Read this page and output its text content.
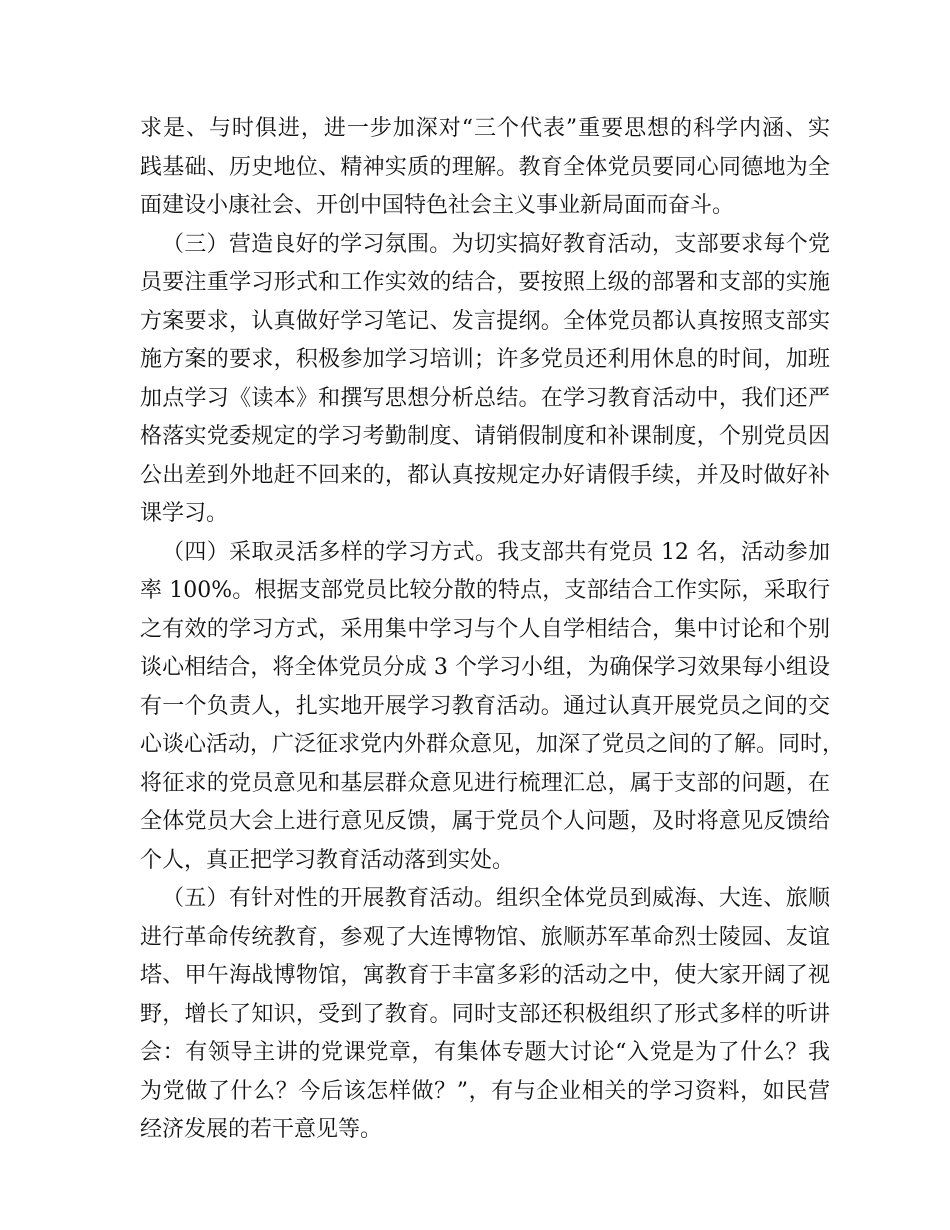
求是、与时俱进，进一步加深对“三个代表”重要思想的科学内涵、实
践基础、历史地位、精神实质的理解。教育全体党员要同心同德地为全
面建设小康社会、开创中国特色社会主义事业新局面而奋斗。
（三）营造良好的学习氛围。为切实搞好教育活动，支部要求每个党
员要注重学习形式和工作实效的结合，要按照上级的部署和支部的实施
方案要求，认真做好学习笔记、发言提纲。全体党员都认真按照支部实
施方案的要求，积极参加学习培训；许多党员还利用休息的时间，加班
加点学习《读本》和撰写思想分析总结。在学习教育活动中，我们还严
格落实党委规定的学习考勤制度、请销假制度和补课制度，个别党员因
公出差到外地赶不回来的，都认真按规定办好请假手续，并及时做好补
课学习。
（四）采取灵活多样的学习方式。我支部共有党员 12 名，活动参加
率 100%。根据支部党员比较分散的特点，支部结合工作实际，采取行
之有效的学习方式，采用集中学习与个人自学相结合，集中讨论和个别
谈心相结合，将全体党员分成 3 个学习小组，为确保学习效果每小组设
有一个负责人，扎实地开展学习教育活动。通过认真开展党员之间的交
心谈心活动，广泛征求党内外群众意见，加深了党员之间的了解。同时，
将征求的党员意见和基层群众意见进行梳理汇总，属于支部的问题，在
全体党员大会上进行意见反馈，属于党员个人问题，及时将意见反馈给
个人，真正把学习教育活动落到实处。
（五）有针对性的开展教育活动。组织全体党员到威海、大连、旅顺
进行革命传统教育，参观了大连博物馆、旅顺苏军革命烈士陵园、友谊
塔、甲午海战博物馆，寓教育于丰富多彩的活动之中，使大家开阔了视
野，增长了知识，受到了教育。同时支部还积极组织了形式多样的听讲
会：有领导主讲的党课党章，有集体专题大讨论“入党是为了什么？我
为党做了什么？今后该怎样做？”，有与企业相关的学习资料，如民营
经济发展的若干意见等。
